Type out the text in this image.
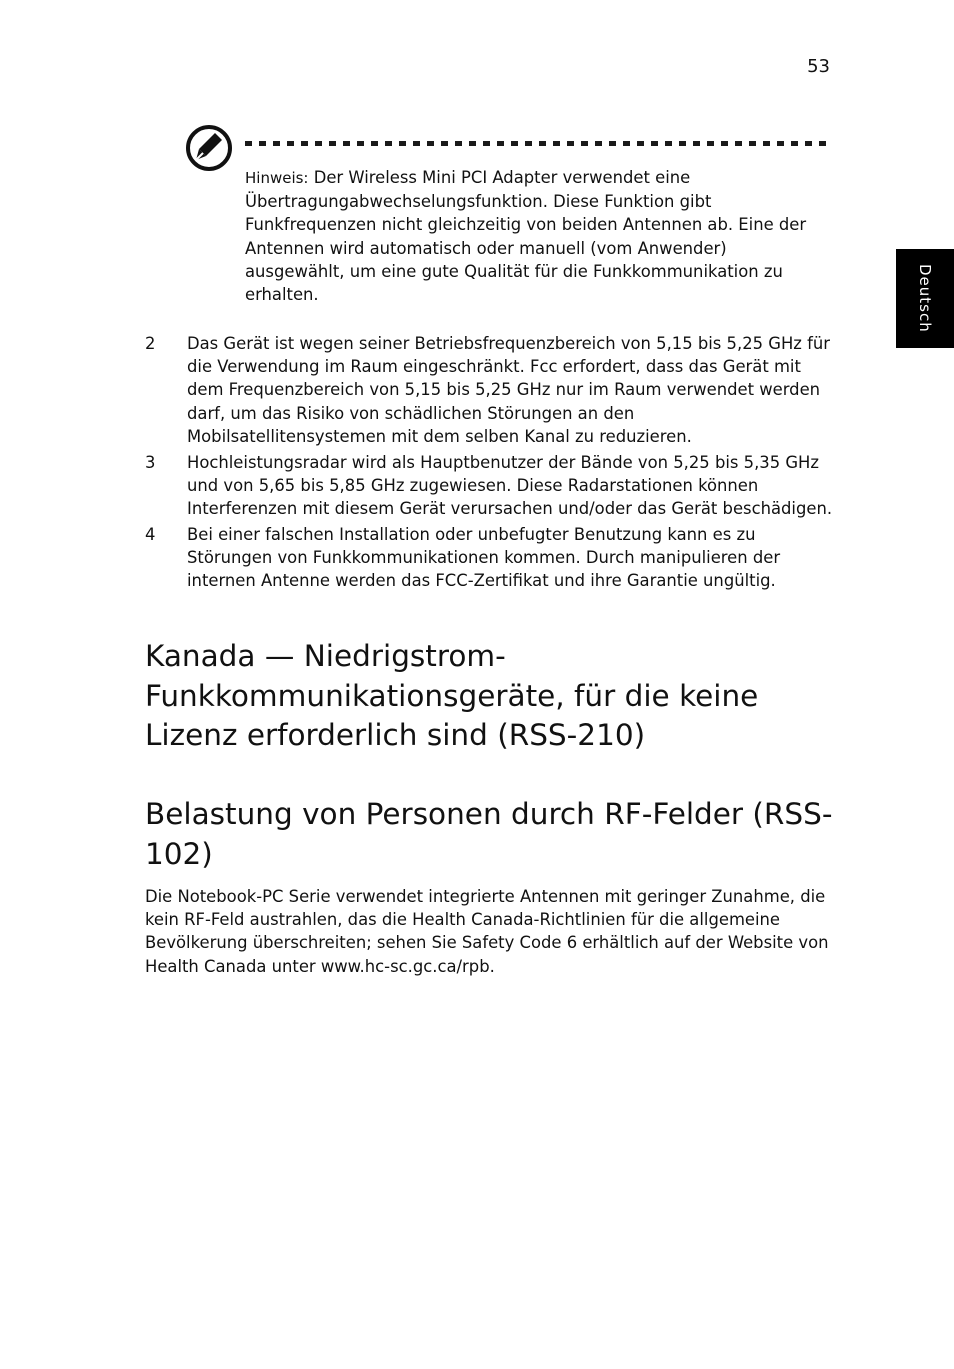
53
Deutsch
Hinweis: Der Wireless Mini PCI Adapter verwendet eine Übertragungabwechselungsfunktion. Diese Funktion gibt Funkfrequenzen nicht gleichzeitig von beiden Antennen ab. Eine der Antennen wird automatisch oder manuell (vom Anwender) ausgewählt, um eine gute Qualität für die Funkkommunikation zu erhalten.
2 Das Gerät ist wegen seiner Betriebsfrequenzbereich von 5,15 bis 5,25 GHz für die Verwendung im Raum eingeschränkt. Fcc erfordert, dass das Gerät mit dem Frequenzbereich von 5,15 bis 5,25 GHz nur im Raum verwendet werden darf, um das Risiko von schädlichen Störungen an den Mobilsatellitensystemen mit dem selben Kanal zu reduzieren.
3 Hochleistungsradar wird als Hauptbenutzer der Bände von 5,25 bis 5,35 GHz und von 5,65 bis 5,85 GHz zugewiesen. Diese Radarstationen können Interferenzen mit diesem Gerät verursachen und/oder das Gerät beschädigen.
4 Bei einer falschen Installation oder unbefugter Benutzung kann es zu Störungen von Funkkommunikationen kommen. Durch manipulieren der internen Antenne werden das FCC-Zertifikat und ihre Garantie ungültig.
Kanada — Niedrigstrom-Funkkommunikationsgeräte, für die keine Lizenz erforderlich sind (RSS-210)
Belastung von Personen durch RF-Felder (RSS-102)

Die Notebook-PC Serie verwendet integrierte Antennen mit geringer Zunahme, die kein RF-Feld austrahlen, das die Health Canada-Richtlinien für die allgemeine Bevölkerung überschreiten; sehen Sie Safety Code 6 erhältlich auf der Website von Health Canada unter www.hc-sc.gc.ca/rpb.
